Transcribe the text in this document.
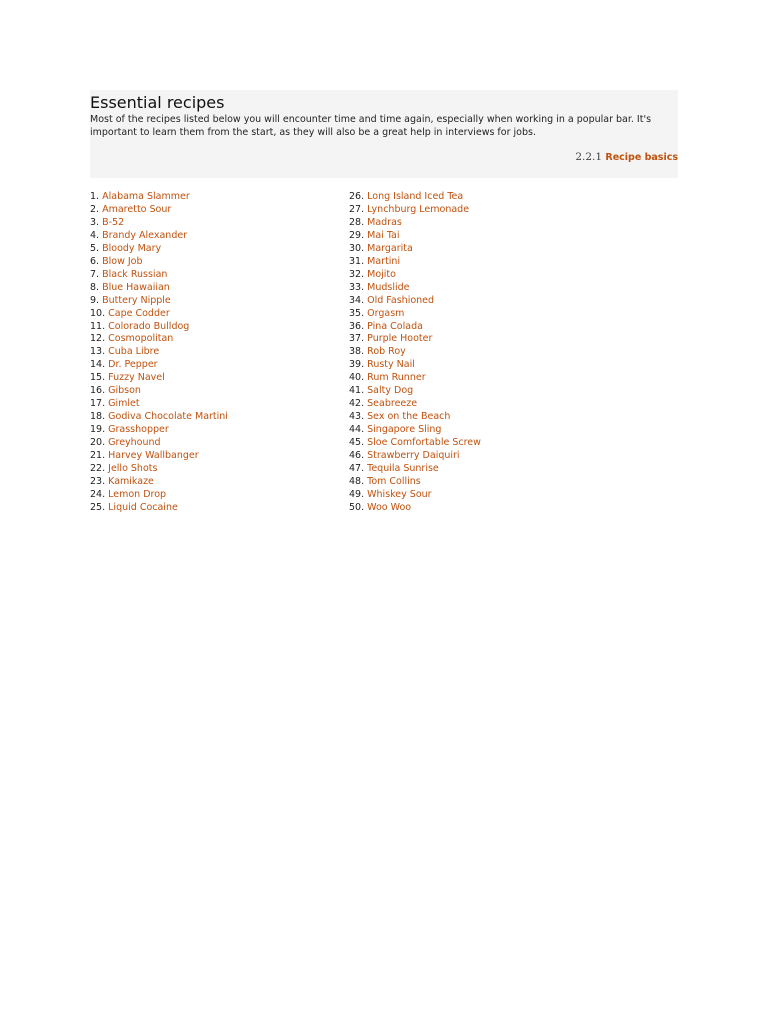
Essential recipes

Most of the recipes listed below you will encounter time and time again, especially when working in a popular bar. It's important to learn them from the start, as they will also be a great help in interviews for jobs.

2.2.1 Recipe basics
1. Alabama Slammer
2. Amaretto Sour
3. B-52
4. Brandy Alexander
5. Bloody Mary
6. Blow Job
7. Black Russian
8. Blue Hawaiian
9. Buttery Nipple
10. Cape Codder
11. Colorado Bulldog
12. Cosmopolitan
13. Cuba Libre
14. Dr. Pepper
15. Fuzzy Navel
16. Gibson
17. Gimlet
18. Godiva Chocolate Martini
19. Grasshopper
20. Greyhound
21. Harvey Wallbanger
22. Jello Shots
23. Kamikaze
24. Lemon Drop
25. Liquid Cocaine
26. Long Island Iced Tea
27. Lynchburg Lemonade
28. Madras
29. Mai Tai
30. Margarita
31. Martini
32. Mojito
33. Mudslide
34. Old Fashioned
35. Orgasm
36. Pina Colada
37. Purple Hooter
38. Rob Roy
39. Rusty Nail
40. Rum Runner
41. Salty Dog
42. Seabreeze
43. Sex on the Beach
44. Singapore Sling
45. Sloe Comfortable Screw
46. Strawberry Daiquiri
47. Tequila Sunrise
48. Tom Collins
49. Whiskey Sour
50. Woo Woo
